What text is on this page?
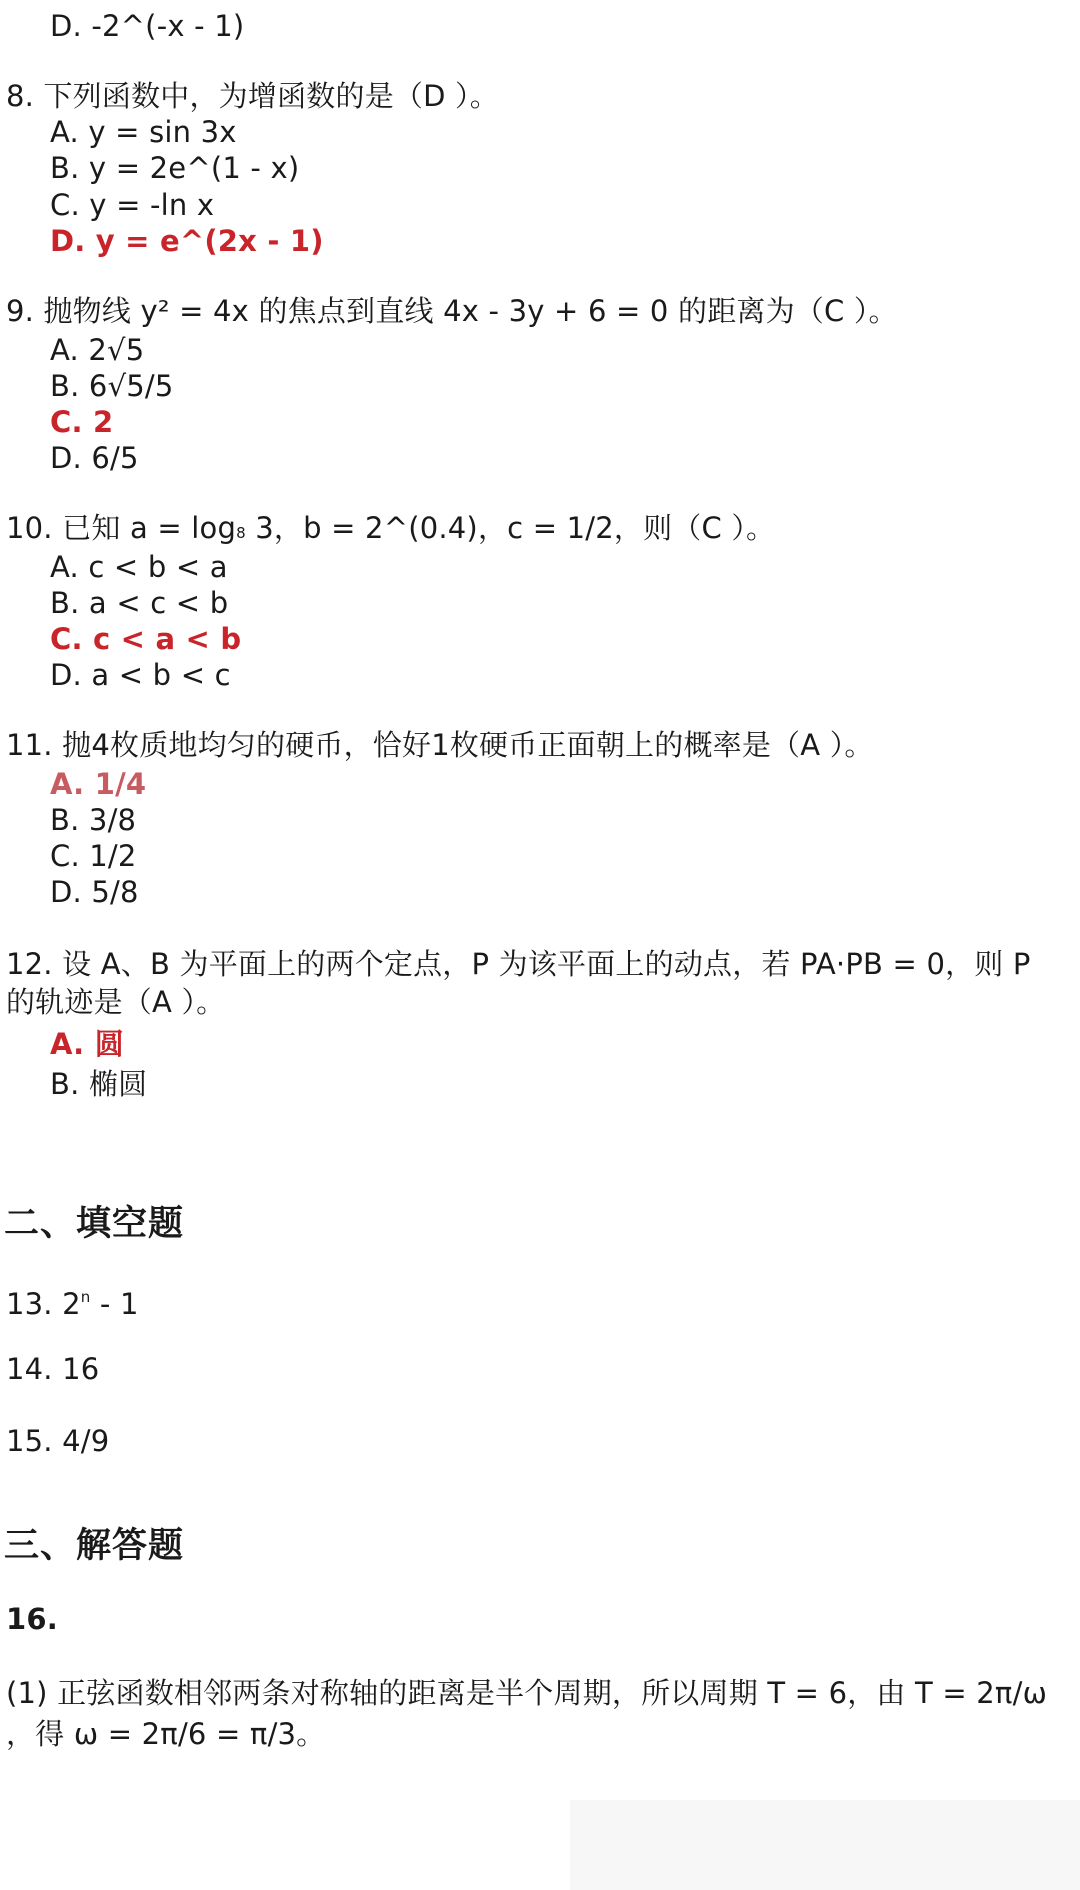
D. -2^(-x - 1)
8. 下列函数中，为增函数的是（D ）。
A. y = sin 3x
B. y = 2e^(1 - x)
C. y = -ln x
D. y = e^(2x - 1)
9. 抛物线 y² = 4x 的焦点到直线 4x - 3y + 6 = 0 的距离为（C ）。
A. 2√5
B. 6√5/5
C. 2
D. 6/5
10. 已知 a = log8 3，b = 2^(0.4)，c = 1/2，则（C ）。
A. c < b < a
B. a < c < b
C. c < a < b
D. a < b < c
11. 抛4枚质地均匀的硬币，恰好1枚硬币正面朝上的概率是（A ）。
A. 1/4
B. 3/8
C. 1/2
D. 5/8
12. 设 A、B 为平面上的两个定点，P 为该平面上的动点，若 PA·PB = 0，则 P
的轨迹是（A ）。
A. 圆
B. 椭圆
二、填空题
13. 2$^n$ - 1
14. 16
15. 4/9
三、解答题
16.
(1) 正弦函数相邻两条对称轴的距离是半个周期，所以周期 T = 6，由 T = 2π/ω
，得 ω = 2π/6 = π/3。
